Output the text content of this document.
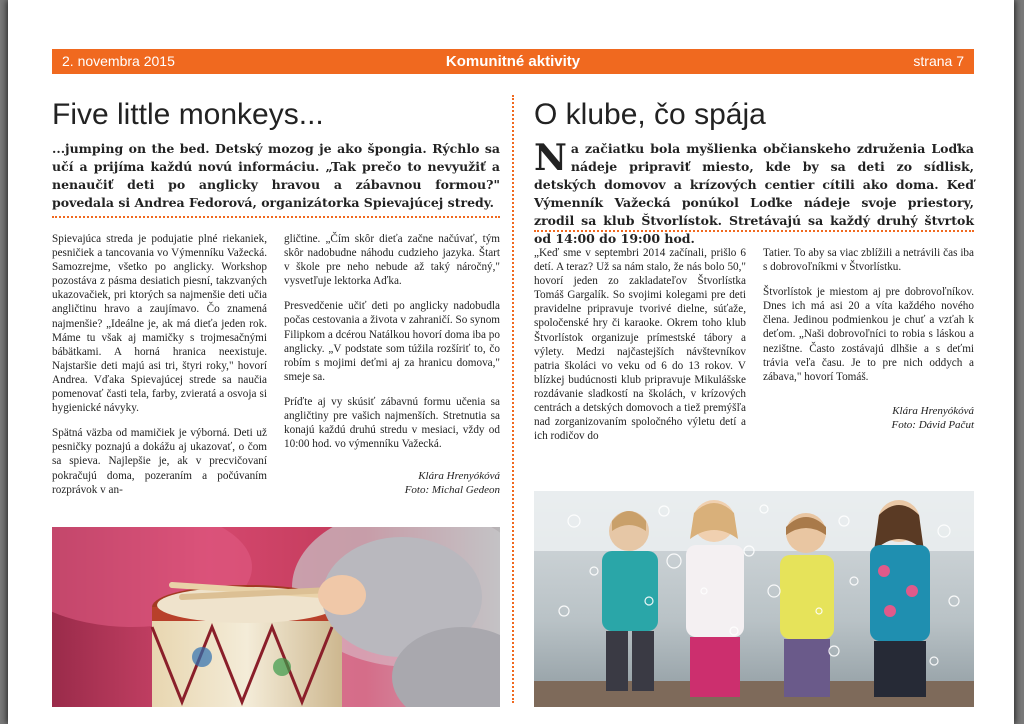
2. novembra 2015	Komunitné aktivity	strana 7
Five little monkeys...

...jumping on the bed. Detský mozog je ako špongia. Rýchlo sa učí a prijíma každú novú informáciu. „Tak prečo to nevyužiť a nenaučiť deti po anglicky hravou a zábavnou formou?" povedala si Andrea Fedorová, organizátorka Spievajúcej stredy.

Spievajúca streda je podujatie plné riekaniek, pesničiek a tancovania vo Výmenníku Važecká. Samozrejme, všetko po anglicky. Workshop pozostáva z pásma desiatich piesní, takzvaných ukazovačiek, pri ktorých sa najmenšie deti učia angličtinu hravo a zaujímavo. Čo znamená najmenšie? „Ideálne je, ak má dieťa jeden rok. Máme tu však aj mamičky s trojmesačnými bábätkami. A horná hranica neexistuje. Najstaršie deti majú asi tri, štyri roky," hovorí Andrea. Vďaka Spievajúcej strede sa naučia pomenovať časti tela, farby, zvieratá a osvoja si hygienické návyky.

Spätná väzba od mamičiek je výborná. Deti už pesničky poznajú a dokážu aj ukazovať, o čom sa spieva. Najlepšie je, ak v precvičovaní pokračujú doma, pozeraním a počúvaním rozprávok v an-

gličtine. „Čím skôr dieťa začne načúvať, tým skôr nadobudne náhodu cudzieho jazyka. Štart v škole pre neho nebude až taký náročný," vysvetľuje lektorka Aďka.

Presvedčenie učiť deti po anglicky nadobudla počas cestovania a života v zahraničí. So synom Filipkom a dcérou Natálkou hovorí doma iba po anglicky. „V podstate som túžila rozšíriť to, čo robím s mojimi deťmi aj za hranicu domova," smeje sa.

Príďte aj vy skúsiť zábavnú formu učenia sa angličtiny pre vašich najmenších. Stretnutia sa konajú každú druhú stredu v mesiaci, vždy od 10:00 hod. vo výmenníku Važecká.

Klára Hrenyókóvá
Foto: Michal Gedeon
O klube, čo spája

Na začiatku bola myšlienka občianskeho združenia Loďka nádeje pripraviť miesto, kde by sa deti zo sídlisk, detských domovov a krízových centier cítili ako doma. Keď Výmenník Važecká ponúkol Loďke nádeje svoje priestory, zrodil sa klub Štvorlístok. Stretávajú sa každý druhý štvrtok od 14:00 do 19:00 hod.

„Keď sme v septembri 2014 začínali, prišlo 6 detí. A teraz? Už sa nám stalo, že nás bolo 50," hovorí jeden zo zakladateľov Štvorlístka Tomáš Gargalík. So svojimi kolegami pre deti pravidelne pripravuje tvorivé dielne, súťaže, spoločenské hry či karaoke. Okrem toho klub Štvorlístok organizuje prímestské tábory a výlety. Medzi najčastejších návštevníkov patria školáci vo veku od 6 do 13 rokov. V blízkej budúcnosti klub pripravuje Mikulášske rozdávanie sladkostí na školách, v krízových centrách a detských domovoch a tiež premýšľa nad zorganizovaním spoločného výletu detí a ich rodičov do

Tatier. To aby sa viac zblížili a netrávili čas iba s dobrovoľníkmi v Štvorlístku.

Štvorlístok je miestom aj pre dobrovoľníkov. Dnes ich má asi 20 a víta každého nového člena. Jedinou podmienkou je chuť a vzťah k deťom. „Naši dobrovoľníci to robia s láskou a nezištne. Často zostávajú dlhšie a s deťmi trávia veľa času. Je to pre nich oddych a zábava," hovorí Tomáš.

Klára Hrenyókóvá
Foto: Dávid Pačut
